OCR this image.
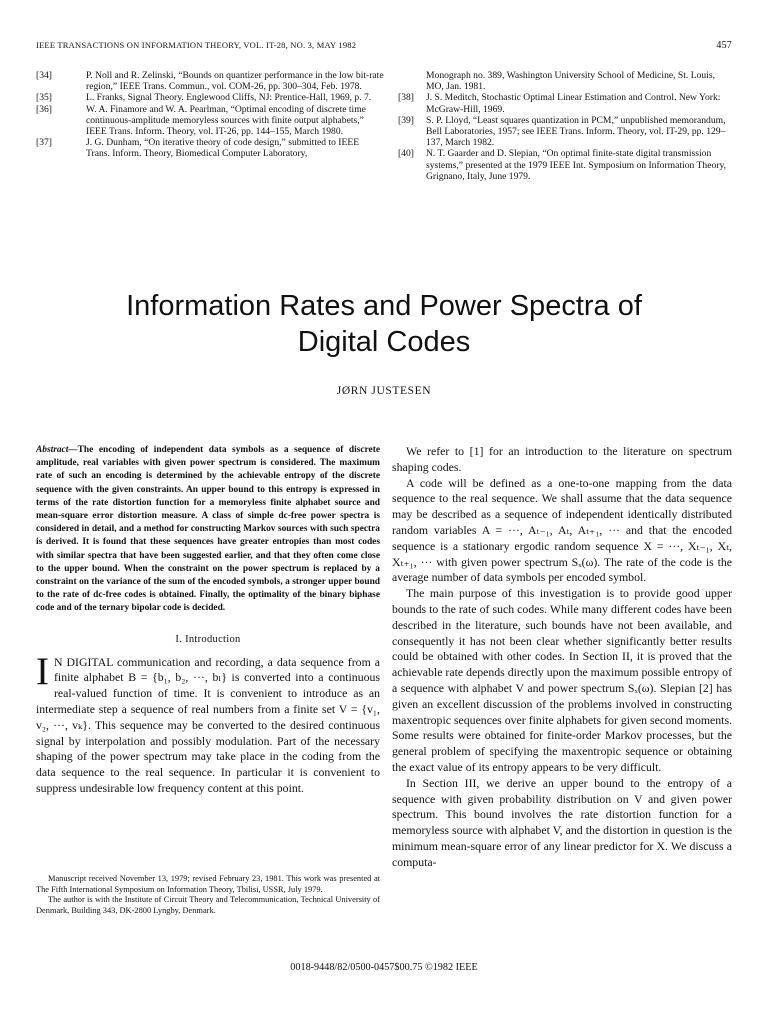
IEEE TRANSACTIONS ON INFORMATION THEORY, VOL. IT-28, NO. 3, MAY 1982	457
[34]	P. Noll and R. Zelinski, “Bounds on quantizer performance in the low bit-rate region,” IEEE Trans. Commun., vol. COM-26, pp. 300–304, Feb. 1978.
[35]	L. Franks, Signal Theory. Englewood Cliffs, NJ: Prentice-Hall, 1969, p. 7.
[36]	W. A. Finamore and W. A. Pearlman, “Optimal encoding of discrete time continuous-amplitude memoryless sources with finite output alphabets,” IEEE Trans. Inform. Theory, vol. IT-26, pp. 144–155, March 1980.
[37]	J. G. Dunham, “On iterative theory of code design,” submitted to IEEE Trans. Inform. Theory, Biomedical Computer Laboratory,
Monograph no. 389, Washington University School of Medicine, St. Louis, MO, Jan. 1981.
[38]	J. S. Meditch, Stochastic Optimal Linear Estimation and Control. New York: McGraw-Hill, 1969.
[39]	S. P. Lloyd, “Least squares quantization in PCM,” unpublished memorandum, Bell Laboratories, 1957; see IEEE Trans. Inform. Theory, vol. IT-29, pp. 129–137, March 1982.
[40]	N. T. Gaarder and D. Slepian, “On optimal finite-state digital transmission systems,” presented at the 1979 IEEE Int. Symposium on Information Theory, Grignano, Italy, June 1979.
Information Rates and Power Spectra of
Digital Codes
JØRN JUSTESEN
Abstract—The encoding of independent data symbols as a sequence of discrete amplitude, real variables with given power spectrum is considered. The maximum rate of such an encoding is determined by the achievable entropy of the discrete sequence with the given constraints. An upper bound to this entropy is expressed in terms of the rate distortion function for a memoryless finite alphabet source and mean-square error distortion measure. A class of simple dc-free power spectra is considered in detail, and a method for constructing Markov sources with such spectra is derived. It is found that these sequences have greater entropies than most codes with similar spectra that have been suggested earlier, and that they often come close to the upper bound. When the constraint on the power spectrum is replaced by a constraint on the variance of the sum of the encoded symbols, a stronger upper bound to the rate of dc-free codes is obtained. Finally, the optimality of the binary biphase code and of the ternary bipolar code is decided.
I. Introduction

I N DIGITAL communication and recording, a data sequence from a finite alphabet B = {b₁, b₂, ···, bₗ} is converted into a continuous real-valued function of time. It is convenient to introduce as an intermediate step a sequence of real numbers from a finite set V = {v₁, v₂, ···, vₖ}. This sequence may be converted to the desired continuous signal by interpolation and possibly modulation. Part of the necessary shaping of the power spectrum may take place in the coding from the data sequence to the real sequence. In particular it is convenient to suppress undesirable low frequency content at this point.

Manuscript received November 13, 1979; revised February 23, 1981. This work was presented at The Fifth International Symposium on Information Theory, Tbilisi, USSR, July 1979.

The author is with the Institute of Circuit Theory and Telecommunication, Technical University of Denmark, Building 343, DK-2800 Lyngby, Denmark.

We refer to [1] for an introduction to the literature on spectrum shaping codes.

A code will be defined as a one-to-one mapping from the data sequence to the real sequence. We shall assume that the data sequence may be described as a sequence of independent identically distributed random variables A = ···, Aₜ₋₁, Aₜ, Aₜ₊₁, ··· and that the encoded sequence is a stationary ergodic random sequence X = ···, Xₜ₋₁, Xₜ, Xₜ₊₁, ··· with given power spectrum Sₓ(ω). The rate of the code is the average number of data symbols per encoded symbol.

The main purpose of this investigation is to provide good upper bounds to the rate of such codes. While many different codes have been described in the literature, such bounds have not been available, and consequently it has not been clear whether significantly better results could be obtained with other codes. In Section II, it is proved that the achievable rate depends directly upon the maximum possible entropy of a sequence with alphabet V and power spectrum Sₓ(ω). Slepian [2] has given an excellent discussion of the problems involved in constructing maxentropic sequences over finite alphabets for given second moments. Some results were obtained for finite-order Markov processes, but the general problem of specifying the maxentropic sequence or obtaining the exact value of its entropy appears to be very difficult.

In Section III, we derive an upper bound to the entropy of a sequence with given probability distribution on V and given power spectrum. This bound involves the rate distortion function for a memoryless source with alphabet V, and the distortion in question is the minimum mean-square error of any linear predictor for X. We discuss a computa-

0018-9448/82/0500-0457$00.75 ©1982 IEEE
